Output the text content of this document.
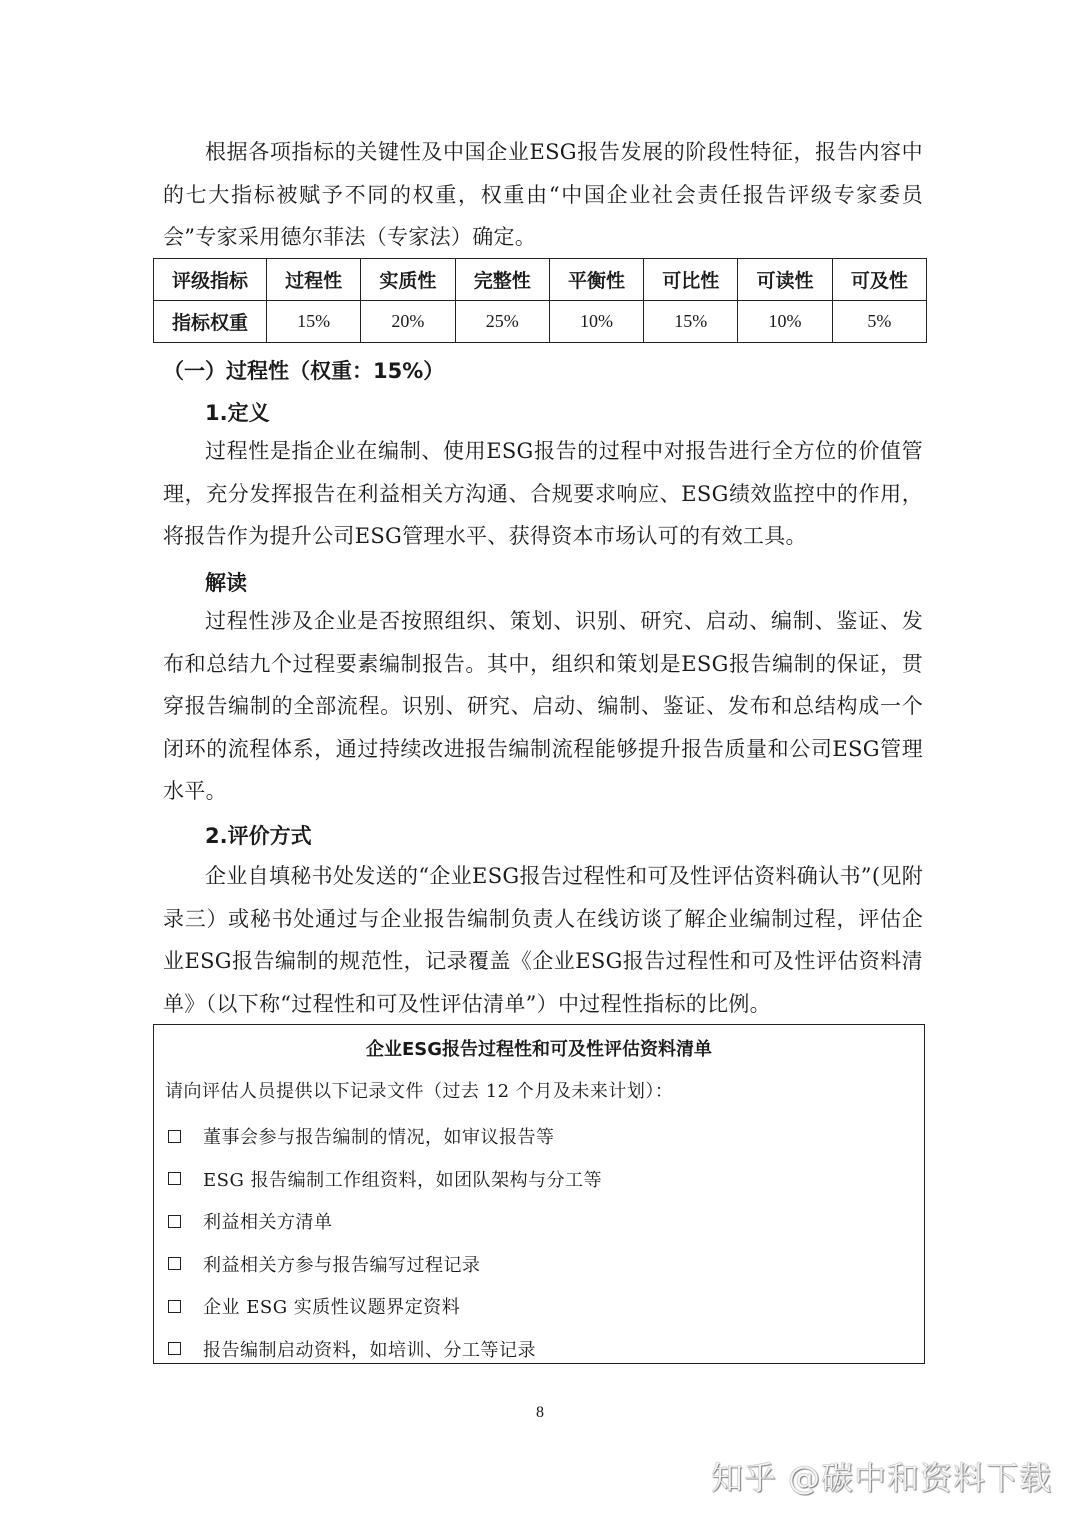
根据各项指标的关键性及中国企业ESG报告发展的阶段性特征，报告内容中的七大指标被赋予不同的权重，权重由“中国企业社会责任报告评级专家委员会”专家采用德尔菲法（专家法）确定。

评级指标	过程性	实质性	完整性	平衡性	可比性	可读性	可及性
指标权重	15%	20%	25%	10%	15%	10%	5%

（一）过程性（权重：15%）

1.定义

过程性是指企业在编制、使用ESG报告的过程中对报告进行全方位的价值管理，充分发挥报告在利益相关方沟通、合规要求响应、ESG绩效监控中的作用，将报告作为提升公司ESG管理水平、获得资本市场认可的有效工具。

解读

过程性涉及企业是否按照组织、策划、识别、研究、启动、编制、鉴证、发布和总结九个过程要素编制报告。其中，组织和策划是ESG报告编制的保证，贯穿报告编制的全部流程。识别、研究、启动、编制、鉴证、发布和总结构成一个闭环的流程体系，通过持续改进报告编制流程能够提升报告质量和公司ESG管理水平。

2.评价方式

企业自填秘书处发送的“企业ESG报告过程性和可及性评估资料确认书”(见附录三）或秘书处通过与企业报告编制负责人在线访谈了解企业编制过程，评估企业ESG报告编制的规范性，记录覆盖《企业ESG报告过程性和可及性评估资料清单》（以下称“过程性和可及性评估清单”）中过程性指标的比例。

企业ESG报告过程性和可及性评估资料清单
请向评估人员提供以下记录文件（过去 12 个月及未来计划）：
董事会参与报告编制的情况，如审议报告等
ESG 报告编制工作组资料，如团队架构与分工等
利益相关方清单
利益相关方参与报告编写过程记录
企业 ESG 实质性议题界定资料
报告编制启动资料，如培训、分工等记录
8
知乎 @碳中和资料下载
